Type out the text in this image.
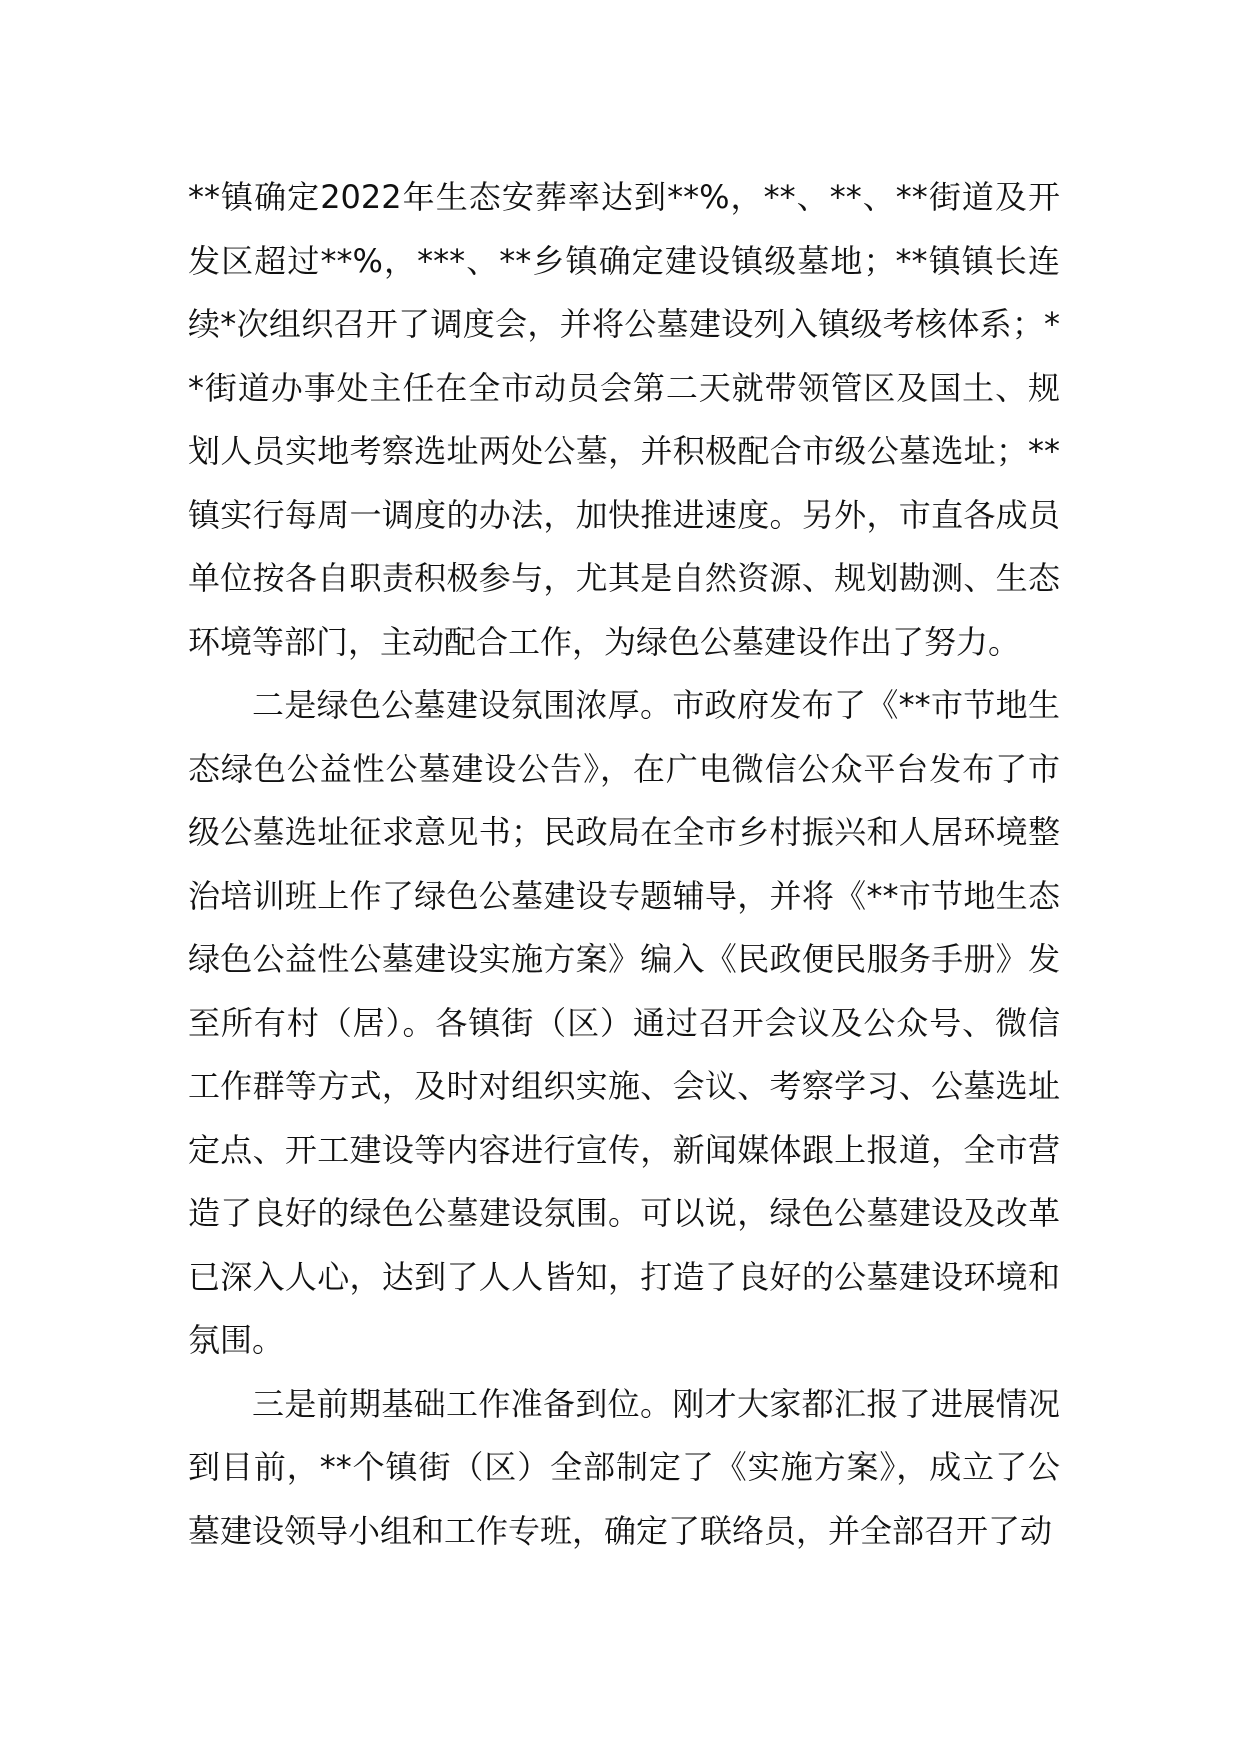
**镇确定2022年生态安葬率达到**%，**、**、**街道及开发区超过**%，***、**乡镇确定建设镇级墓地；**镇镇长连续*次组织召开了调度会，并将公墓建设列入镇级考核体系；**街道办事处主任在全市动员会第二天就带领管区及国土、规划人员实地考察选址两处公墓，并积极配合市级公墓选址；**镇实行每周一调度的办法，加快推进速度。另外，市直各成员单位按各自职责积极参与，尤其是自然资源、规划勘测、生态环境等部门，主动配合工作，为绿色公墓建设作出了努力。

二是绿色公墓建设氛围浓厚。市政府发布了《**市节地生态绿色公益性公墓建设公告》，在广电微信公众平台发布了市级公墓选址征求意见书；民政局在全市乡村振兴和人居环境整治培训班上作了绿色公墓建设专题辅导，并将《**市节地生态绿色公益性公墓建设实施方案》编入《民政便民服务手册》发至所有村（居）。各镇街（区）通过召开会议及公众号、微信工作群等方式，及时对组织实施、会议、考察学习、公墓选址定点、开工建设等内容进行宣传，新闻媒体跟上报道，全市营造了良好的绿色公墓建设氛围。可以说，绿色公墓建设及改革已深入人心，达到了人人皆知，打造了良好的公墓建设环境和氛围。

三是前期基础工作准备到位。刚才大家都汇报了进展情况到目前，**个镇街（区）全部制定了《实施方案》，成立了公墓建设领导小组和工作专班，确定了联络员，并全部召开了动
